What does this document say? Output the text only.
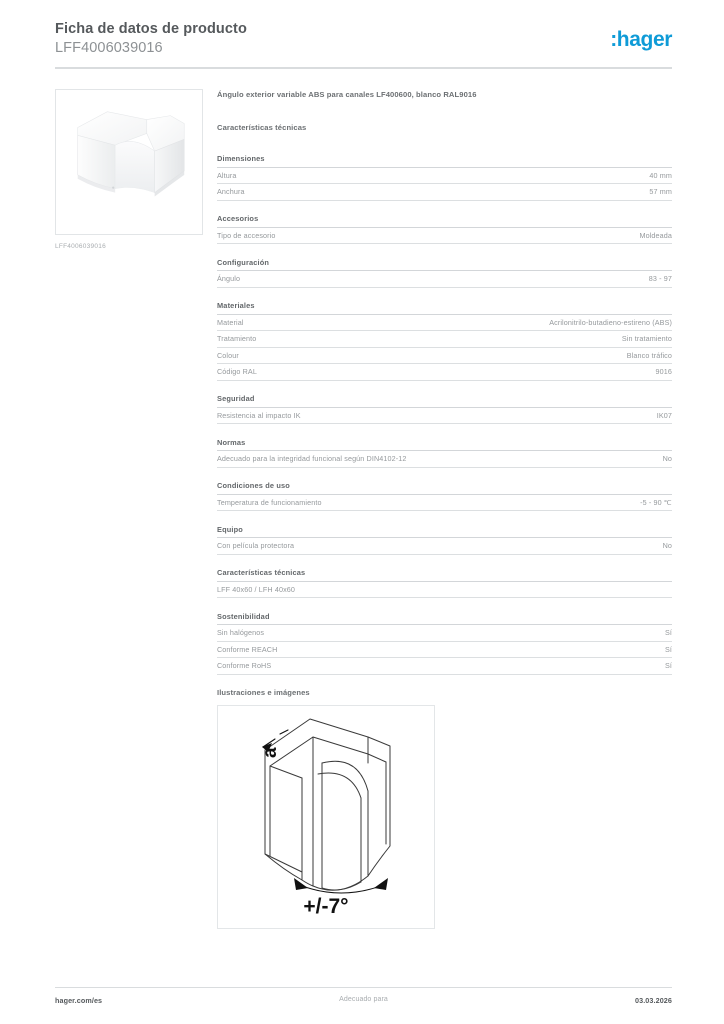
Ficha de datos de producto
LFF4006039016	:hager
LFF4006039016
Ángulo exterior variable ABS para canales LF400600, blanco RAL9016
Características técnicas
Dimensiones
Altura	40 mm
Anchura	57 mm
Accesorios
Tipo de accesorio	Moldeada
Configuración
Ángulo	83 - 97
Materiales
Material	Acrilonitrilo-butadieno-estireno (ABS)
Tratamiento	Sin tratamiento
Colour	Blanco tráfico
Código RAL	9016
Seguridad
Resistencia al impacto IK	IK07
Normas
Adecuado para la integridad funcional según DIN4102-12	No
Condiciones de uso
Temperatura de funcionamiento	-5 - 90 ℃
Equipo
Con película protectora	No
Características técnicas
LFF 40x60 / LFH 40x60
Sostenibilidad
Sin halógenos	Sí
Conforme REACH	Sí
Conforme RoHS	Sí
Ilustraciones e imágenes
a
+/-7°
hager.com/es	Adecuado para	03.03.2026
